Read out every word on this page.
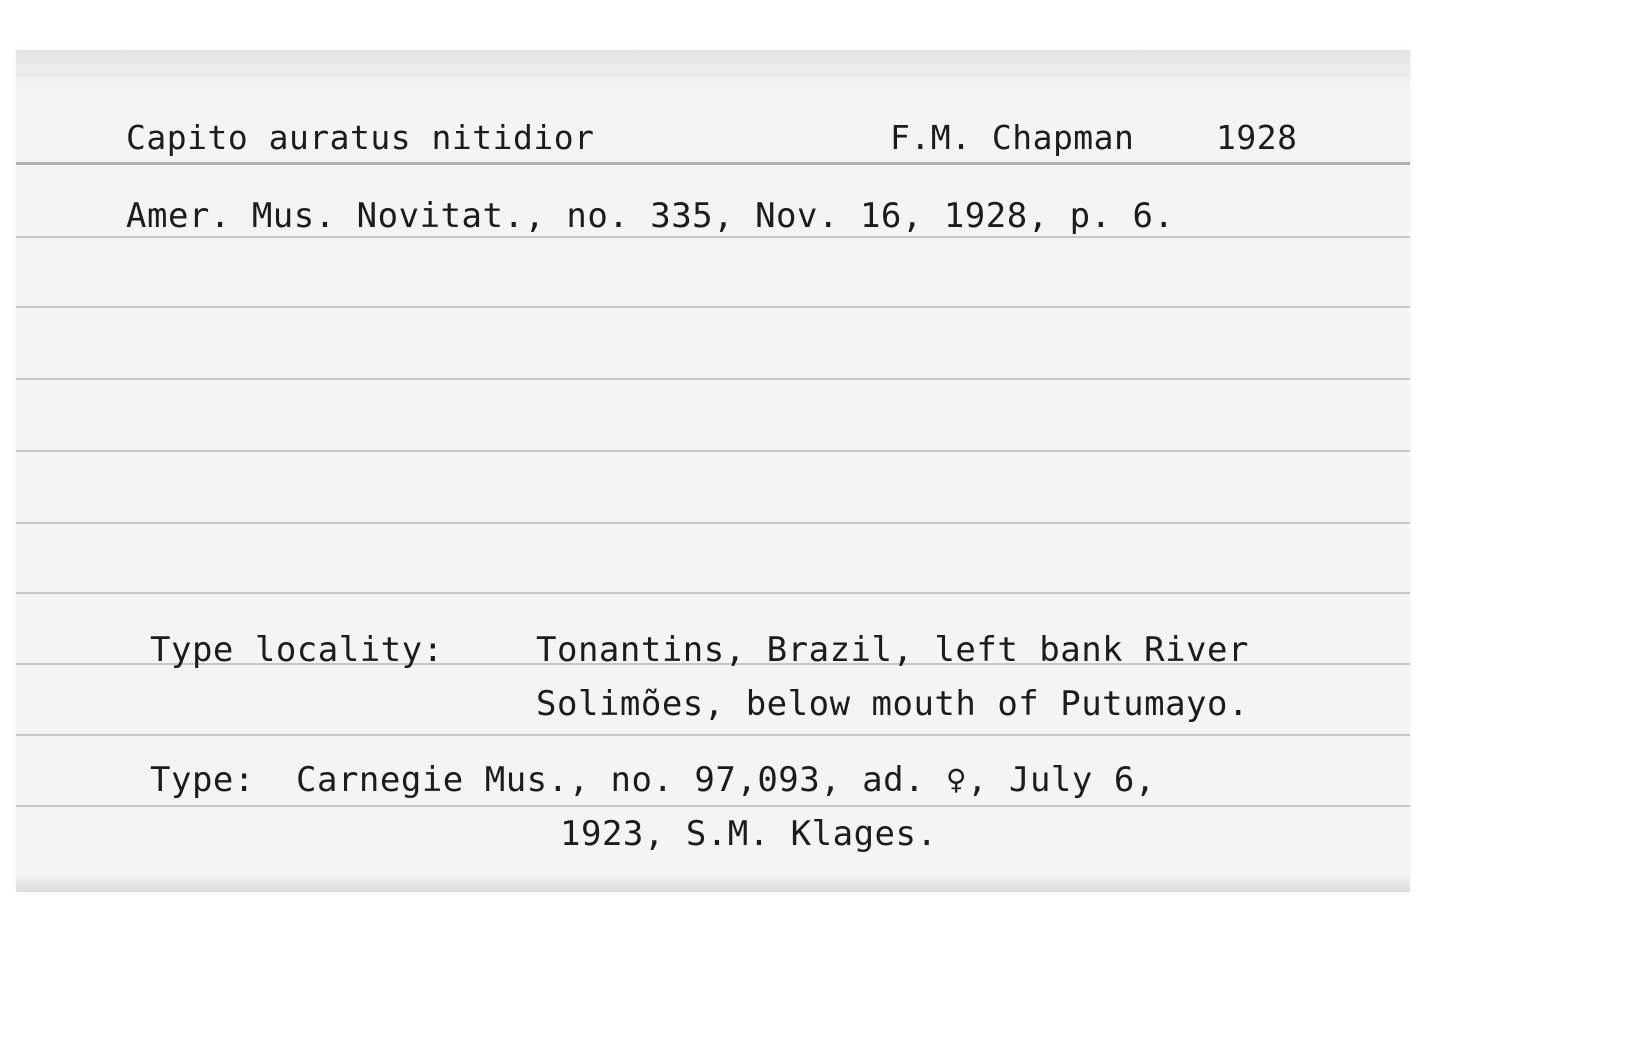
Capito auratus nitidior	F.M. Chapman 1928
Amer. Mus. Novitat., no. 335, Nov. 16, 1928, p. 6.
Type locality:	Tonantins, Brazil, left bank River
Solimões, below mouth of Putumayo.
Type: Carnegie Mus., no. 97,093, ad. ♀, July 6,
1923, S.M. Klages.
